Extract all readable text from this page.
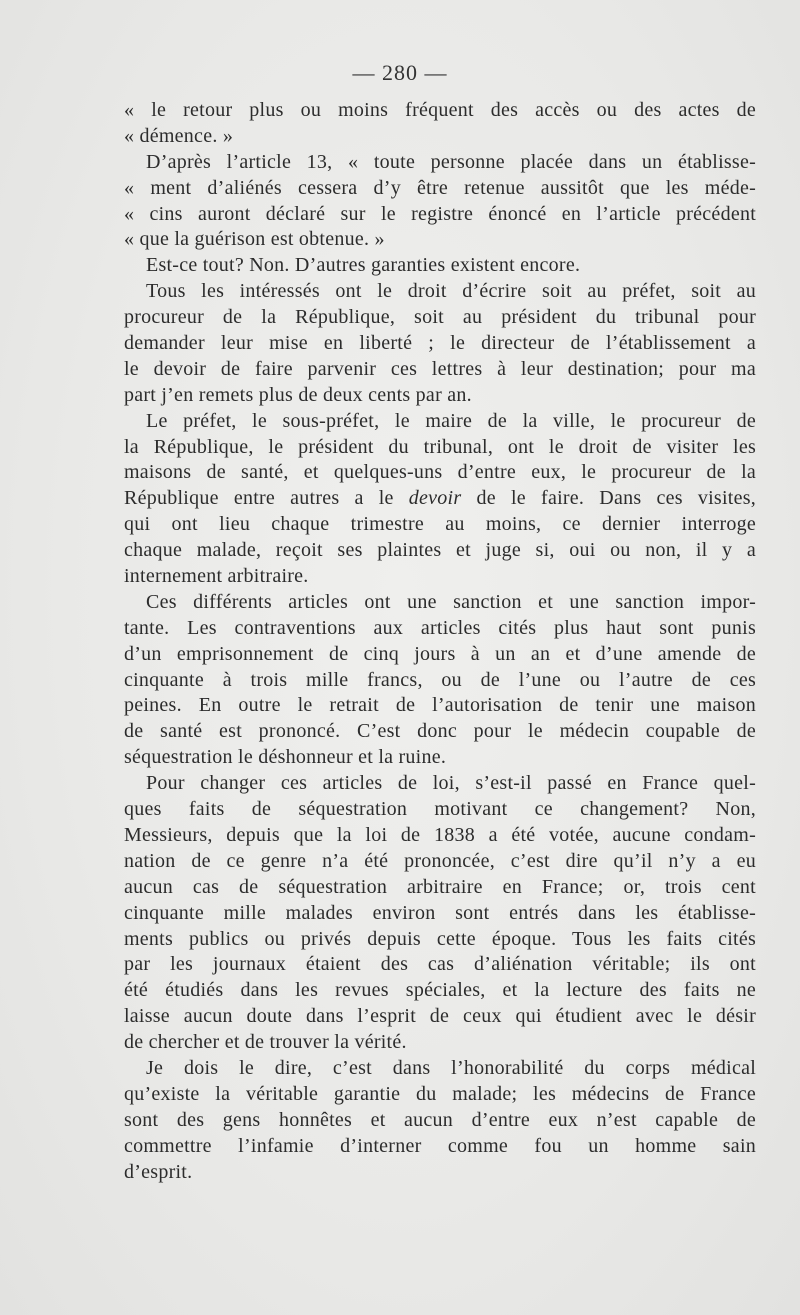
— 280 —
« le retour plus ou moins fréquent des accès ou des actes de
« démence. »
D’après l’article 13, « toute personne placée dans un établisse-
« ment d’aliénés cessera d’y être retenue aussitôt que les méde-
« cins auront déclaré sur le registre énoncé en l’article précédent
« que la guérison est obtenue. »
Est-ce tout? Non. D’autres garanties existent encore.
Tous les intéressés ont le droit d’écrire soit au préfet, soit au
procureur de la République, soit au président du tribunal pour
demander leur mise en liberté ; le directeur de l’établissement a
le devoir de faire parvenir ces lettres à leur destination; pour ma
part j’en remets plus de deux cents par an.
Le préfet, le sous-préfet, le maire de la ville, le procureur de
la République, le président du tribunal, ont le droit de visiter les
maisons de santé, et quelques-uns d’entre eux, le procureur de la
République entre autres a le devoir de le faire. Dans ces visites,
qui ont lieu chaque trimestre au moins, ce dernier interroge
chaque malade, reçoit ses plaintes et juge si, oui ou non, il y a
internement arbitraire.
Ces différents articles ont une sanction et une sanction impor-
tante. Les contraventions aux articles cités plus haut sont punis
d’un emprisonnement de cinq jours à un an et d’une amende de
cinquante à trois mille francs, ou de l’une ou l’autre de ces
peines. En outre le retrait de l’autorisation de tenir une maison
de santé est prononcé. C’est donc pour le médecin coupable de
séquestration le déshonneur et la ruine.
Pour changer ces articles de loi, s’est-il passé en France quel-
ques faits de séquestration motivant ce changement? Non,
Messieurs, depuis que la loi de 1838 a été votée, aucune condam-
nation de ce genre n’a été prononcée, c’est dire qu’il n’y a eu
aucun cas de séquestration arbitraire en France; or, trois cent
cinquante mille malades environ sont entrés dans les établisse-
ments publics ou privés depuis cette époque. Tous les faits cités
par les journaux étaient des cas d’aliénation véritable; ils ont
été étudiés dans les revues spéciales, et la lecture des faits ne
laisse aucun doute dans l’esprit de ceux qui étudient avec le désir
de chercher et de trouver la vérité.
Je dois le dire, c’est dans l’honorabilité du corps médical
qu’existe la véritable garantie du malade; les médecins de France
sont des gens honnêtes et aucun d’entre eux n’est capable de
commettre l’infamie d’interner comme fou un homme sain
d’esprit.
